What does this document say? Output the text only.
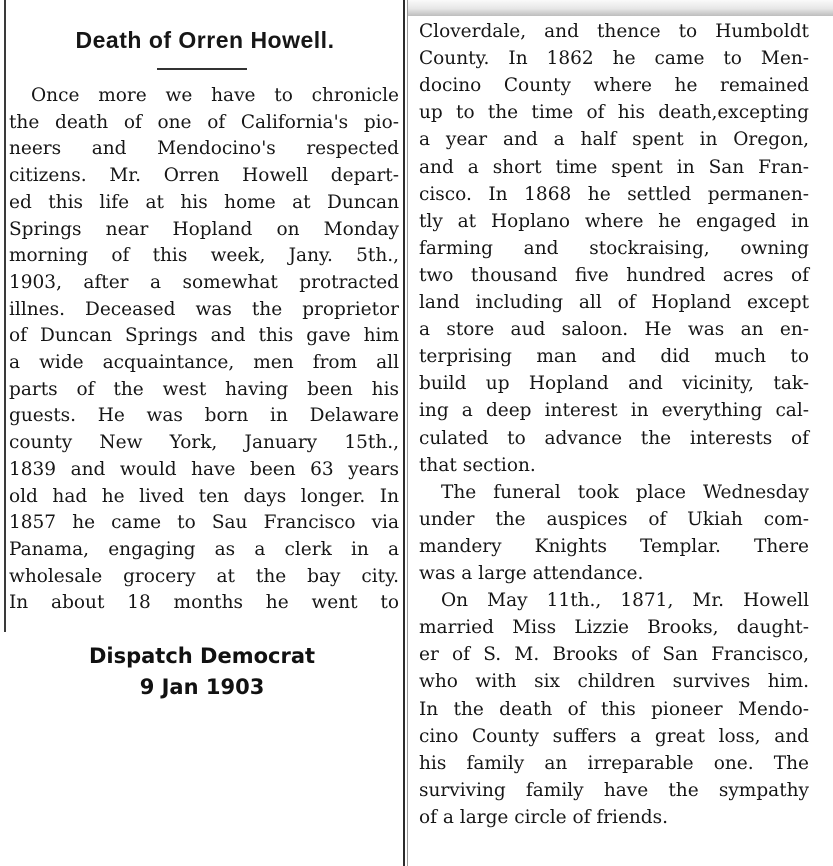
Death of Orren Howell.
Once more we have to chronicle
the death of one of California's pio-
neers and Mendocino's respected
citizens. Mr. Orren Howell depart-
ed this life at his home at Duncan
Springs near Hopland on Monday
morning of this week, Jany. 5th.,
1903, after a somewhat protracted
illnes. Deceased was the proprietor
of Duncan Springs and this gave him
a wide acquaintance, men from all
parts of the west having been his
guests. He was born in Delaware
county New York, January 15th.,
1839 and would have been 63 years
old had he lived ten days longer. In
1857 he came to Sau Francisco via
Panama, engaging as a clerk in a
wholesale grocery at the bay city.
In about 18 months he went to
Cloverdale, and thence to Humboldt
County. In 1862 he came to Men-
docino County where he remained
up to the time of his death,excepting
a year and a half spent in Oregon,
and a short time spent in San Fran-
cisco. In 1868 he settled permanen-
tly at Hoplano where he engaged in
farming and stockraising, owning
two thousand five hundred acres of
land including all of Hopland except
a store aud saloon. He was an en-
terprising man and did much to
build up Hopland and vicinity, tak-
ing a deep interest in everything cal-
culated to advance the interests of
that section.
The funeral took place Wednesday
under the auspices of Ukiah com-
mandery Knights Templar. There
was a large attendance.
On May 11th., 1871, Mr. Howell
married Miss Lizzie Brooks, daught-
er of S. M. Brooks of San Francisco,
who with six children survives him.
In the death of this pioneer Mendo-
cino County suffers a great loss, and
his family an irreparable one. The
surviving family have the sympathy
of a large circle of friends.
Dispatch Democrat
9 Jan 1903
